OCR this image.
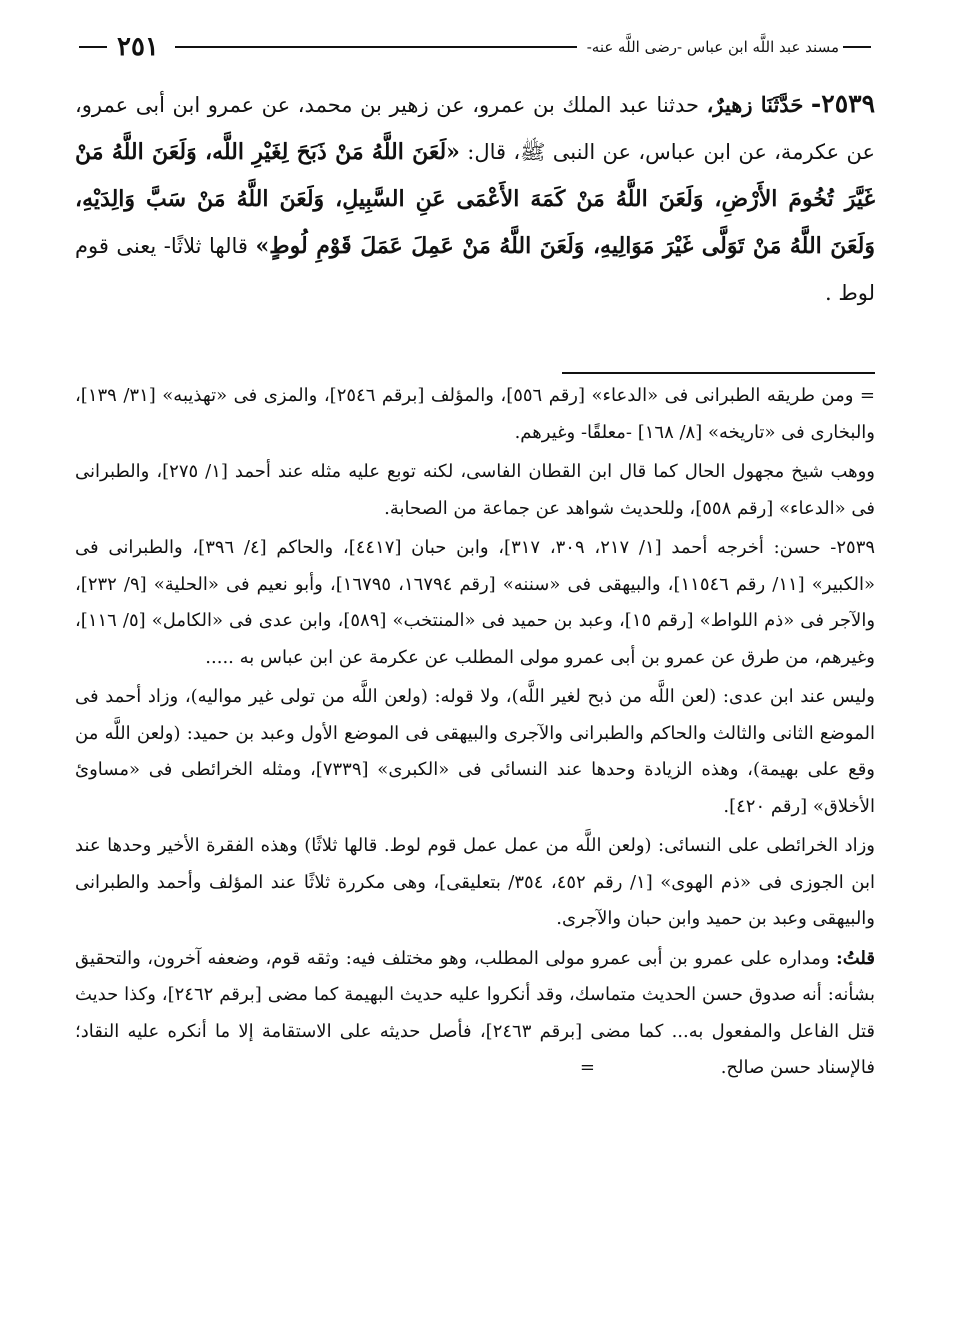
مسند عبد اللَّه ابن عباس -رضى اللَّه عنه-
٢٥١
٢٥٣٩- حَدَّثَنَا زهيرٌ، حدثنا عبد الملك بن عمرو، عن زهير بن محمد، عن عمرو ابن أبى عمرو، عن عكرمة، عن ابن عباس، عن النبى ﷺ، قال: «لَعَنَ اللَّهُ مَنْ ذَبَحَ لِغَيْرِ اللَّه، وَلَعَنَ اللَّهُ مَنْ غَيَّرَ تُخُومَ الأَرْضِ، وَلَعَنَ اللَّهُ مَنْ كَمَهَ الأَعْمَى عَنِ السَّبِيلِ، وَلَعَنَ اللَّهُ مَنْ سَبَّ وَالِدَيْهِ، وَلَعَنَ اللَّهُ مَنْ تَوَلَّى غَيْرَ مَوَالِيهِ، وَلَعَنَ اللَّهُ مَنْ عَمِلَ عَمَلَ قَوْمِ لُوطٍ» قالها ثلاثًا- يعنى قوم لوط .

= ومن طريقه الطبرانى فى «الدعاء» [رقم ٥٥٦]، والمؤلف [برقم ٢٥٤٦]، والمزى فى «تهذيبه» [٣١/ ١٣٩]، والبخارى فى «تاريخه» [٨/ ١٦٨] -معلقًا- وغيرهم.

ووهب شيخ مجهول الحال كما قال ابن القطان الفاسى، لكنه توبع عليه مثله عند أحمد [١/ ٢٧٥]، والطبرانى فى «الدعاء» [رقم ٥٥٨]، وللحديث شواهد عن جماعة من الصحابة.

٢٥٣٩- حسن: أخرجه أحمد [١/ ٢١٧، ٣٠٩، ٣١٧]، وابن حبان [٤٤١٧]، والحاكم [٤/ ٣٩٦]، والطبرانى فى «الكبير» [١١/ رقم ١١٥٤٦]، والبيهقى فى «سننه» [رقم ١٦٧٩٤، ١٦٧٩٥]، وأبو نعيم فى «الحلية» [٩/ ٢٣٢]، والآجر فى «ذم اللواط» [رقم ١٥]، وعبد بن حميد فى «المنتخب» [٥٨٩]، وابن عدى فى «الكامل» [٥/ ١١٦]، وغيرهم، من طرق عن عمرو بن أبى عمرو مولى المطلب عن عكرمة عن ابن عباس به .....

وليس عند ابن عدى: (لعن اللَّه من ذبح لغير اللَّه)، ولا قوله: (ولعن اللَّه من تولى غير مواليه)، وزاد أحمد فى الموضع الثانى والثالث والحاكم والطبرانى والآجرى والبيهقى فى الموضع الأول وعبد بن حميد: (ولعن اللَّه من وقع على بهيمة)، وهذه الزيادة وحدها عند النسائى فى «الكبرى» [٧٣٣٩]، ومثله الخرائطى فى «مساوئ الأخلاق» [رقم ٤٢٠].

وزاد الخرائطى على النسائى: (ولعن اللَّه من عمل عمل قوم لوط. قالها ثلاثًا) وهذه الفقرة الأخير وحدها عند ابن الجوزى فى «ذم الهوى» [١/ رقم ٤٥٢، ٣٥٤/ بتعليقى]، وهى مكررة ثلاثًا عند المؤلف وأحمد والطبرانى والبيهقى وعبد بن حميد وابن حبان والآجرى.

قلتُ: ومداره على عمرو بن أبى عمرو مولى المطلب، وهو مختلف فيه: وثقه قوم، وضعفه آخرون، والتحقيق بشأنه: أنه صدوق حسن الحديث متماسك، وقد أنكروا عليه حديث البهيمة كما مضى [برقم ٢٤٦٢]، وكذا حديث قتل الفاعل والمفعول به... كما مضى [برقم ٢٤٦٣]، فأصل حديثه على الاستقامة إلا ما أنكره عليه النقاد؛ فالإسناد حسن صالح. =
